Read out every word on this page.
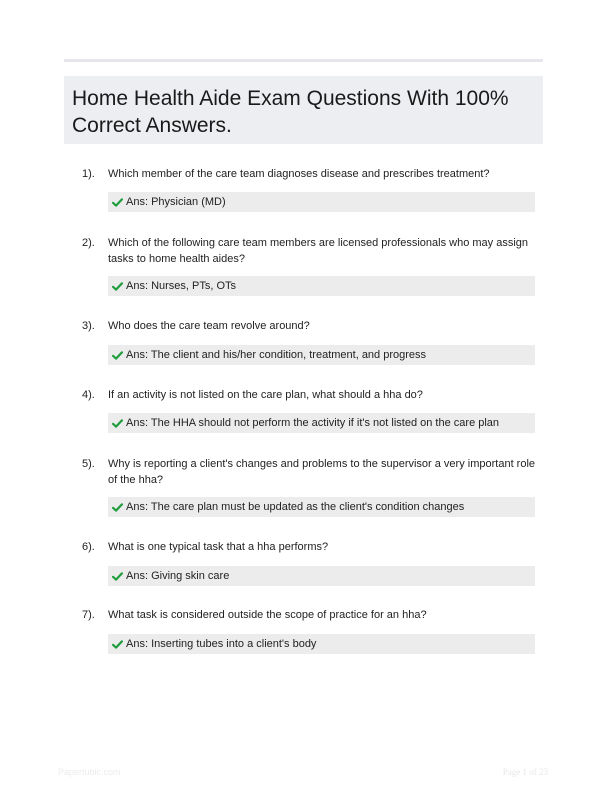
Home Health Aide Exam Questions With 100% Correct Answers.
1). Which member of the care team diagnoses disease and prescribes treatment?
Ans: Physician (MD)
2). Which of the following care team members are licensed professionals who may assign tasks to home health aides?
Ans: Nurses, PTs, OTs
3). Who does the care team revolve around?
Ans: The client and his/her condition, treatment, and progress
4). If an activity is not listed on the care plan, what should a hha do?
Ans: The HHA should not perform the activity if it's not listed on the care plan
5). Why is reporting a client's changes and problems to the supervisor a very important role of the hha?
Ans: The care plan must be updated as the client's condition changes
6). What is one typical task that a hha performs?
Ans: Giving skin care
7). What task is considered outside the scope of practice for an hha?
Ans: Inserting tubes into a client's body
Papertubic.com	Page 1 of 23
